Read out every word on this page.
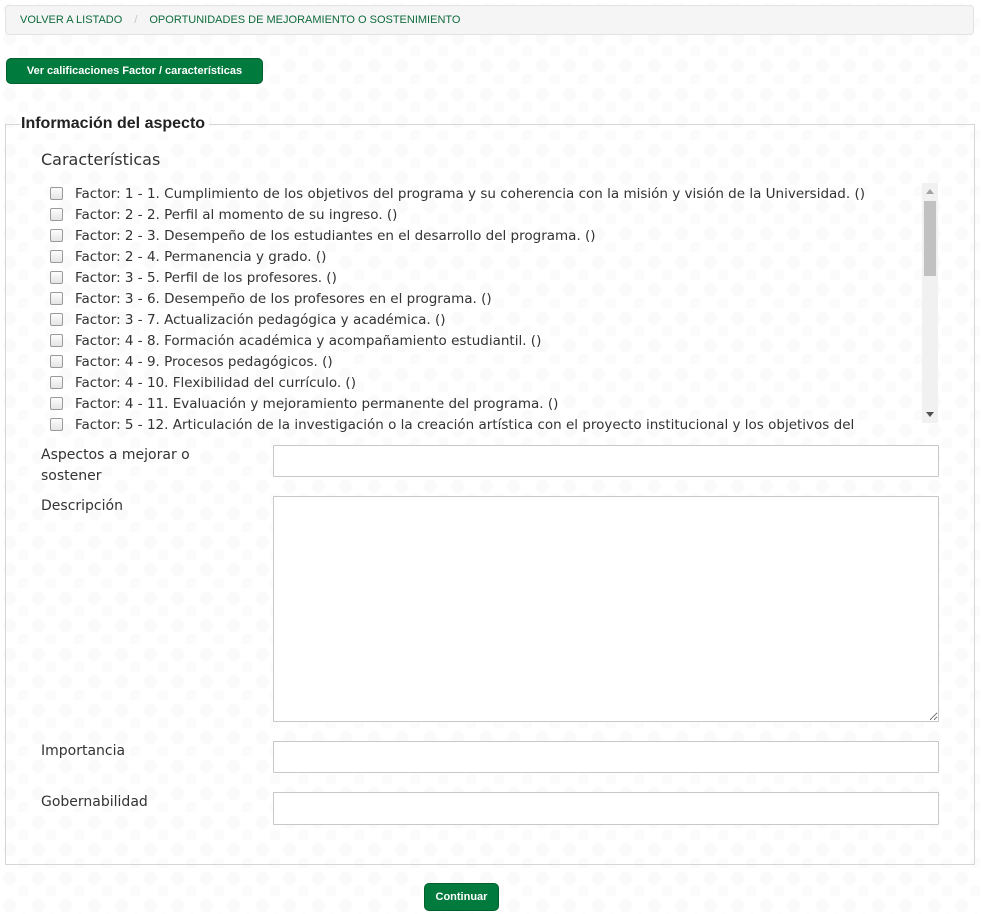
VOLVER A LISTADO / OPORTUNIDADES DE MEJORAMIENTO O SOSTENIMIENTO
Ver calificaciones Factor / características
Información del aspecto
Características
Factor: 1 - 1. Cumplimiento de los objetivos del programa y su coherencia con la misión y visión de la Universidad. ()
Factor: 2 - 2. Perfil al momento de su ingreso. ()
Factor: 2 - 3. Desempeño de los estudiantes en el desarrollo del programa. ()
Factor: 2 - 4. Permanencia y grado. ()
Factor: 3 - 5. Perfil de los profesores. ()
Factor: 3 - 6. Desempeño de los profesores en el programa. ()
Factor: 3 - 7. Actualización pedagógica y académica. ()
Factor: 4 - 8. Formación académica y acompañamiento estudiantil. ()
Factor: 4 - 9. Procesos pedagógicos. ()
Factor: 4 - 10. Flexibilidad del currículo. ()
Factor: 4 - 11. Evaluación y mejoramiento permanente del programa. ()
Factor: 5 - 12. Articulación de la investigación o la creación artística con el proyecto institucional y los objetivos del
Aspectos a mejorar o sostener
Descripción
Importancia
Gobernabilidad
Continuar
